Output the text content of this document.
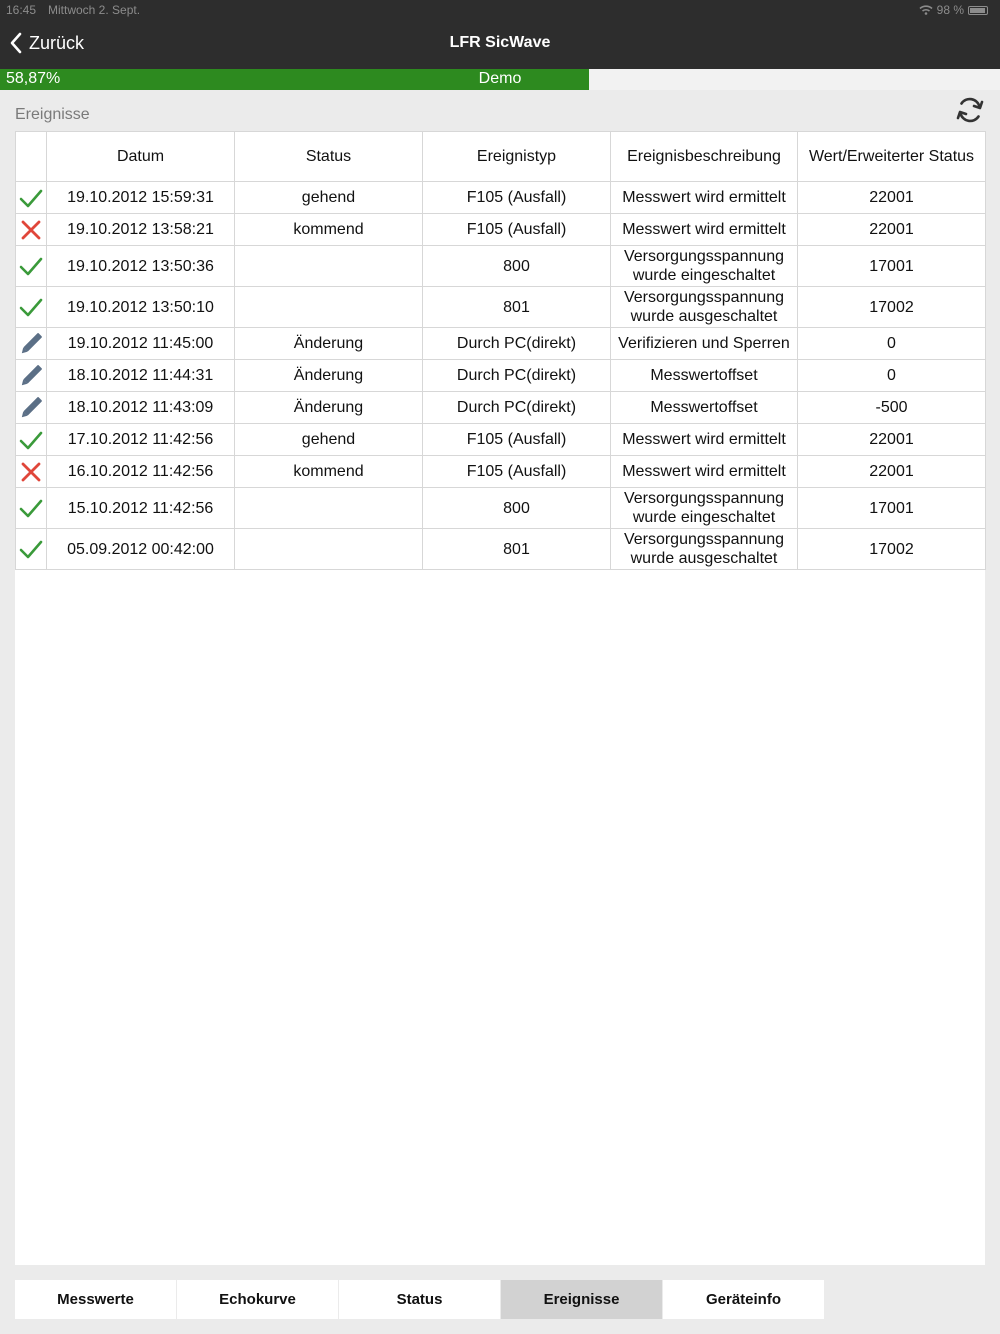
16:45 Mittwoch 2. Sept.	98 %
Zurück	LFR SicWave
58,87%	Demo
Ereignisse
	Datum	Status	Ereignistyp	Ereignisbeschreibung	Wert/Erweiterter Status
	19.10.2012 15:59:31	gehend	F105 (Ausfall)	Messwert wird ermittelt	22001
	19.10.2012 13:58:21	kommend	F105 (Ausfall)	Messwert wird ermittelt	22001
	19.10.2012 13:50:36		800	Versorgungsspannung
wurde eingeschaltet	17001
	19.10.2012 13:50:10		801	Versorgungsspannung
wurde ausgeschaltet	17002
	19.10.2012 11:45:00	Änderung	Durch PC(direkt)	Verifizieren und Sperren	0
	18.10.2012 11:44:31	Änderung	Durch PC(direkt)	Messwertoffset	0
	18.10.2012 11:43:09	Änderung	Durch PC(direkt)	Messwertoffset	-500
	17.10.2012 11:42:56	gehend	F105 (Ausfall)	Messwert wird ermittelt	22001
	16.10.2012 11:42:56	kommend	F105 (Ausfall)	Messwert wird ermittelt	22001
	15.10.2012 11:42:56		800	Versorgungsspannung
wurde eingeschaltet	17001
	05.09.2012 00:42:00		801	Versorgungsspannung
wurde ausgeschaltet	17002
Messwerte	Echokurve	Status	Ereignisse	Geräteinfo
